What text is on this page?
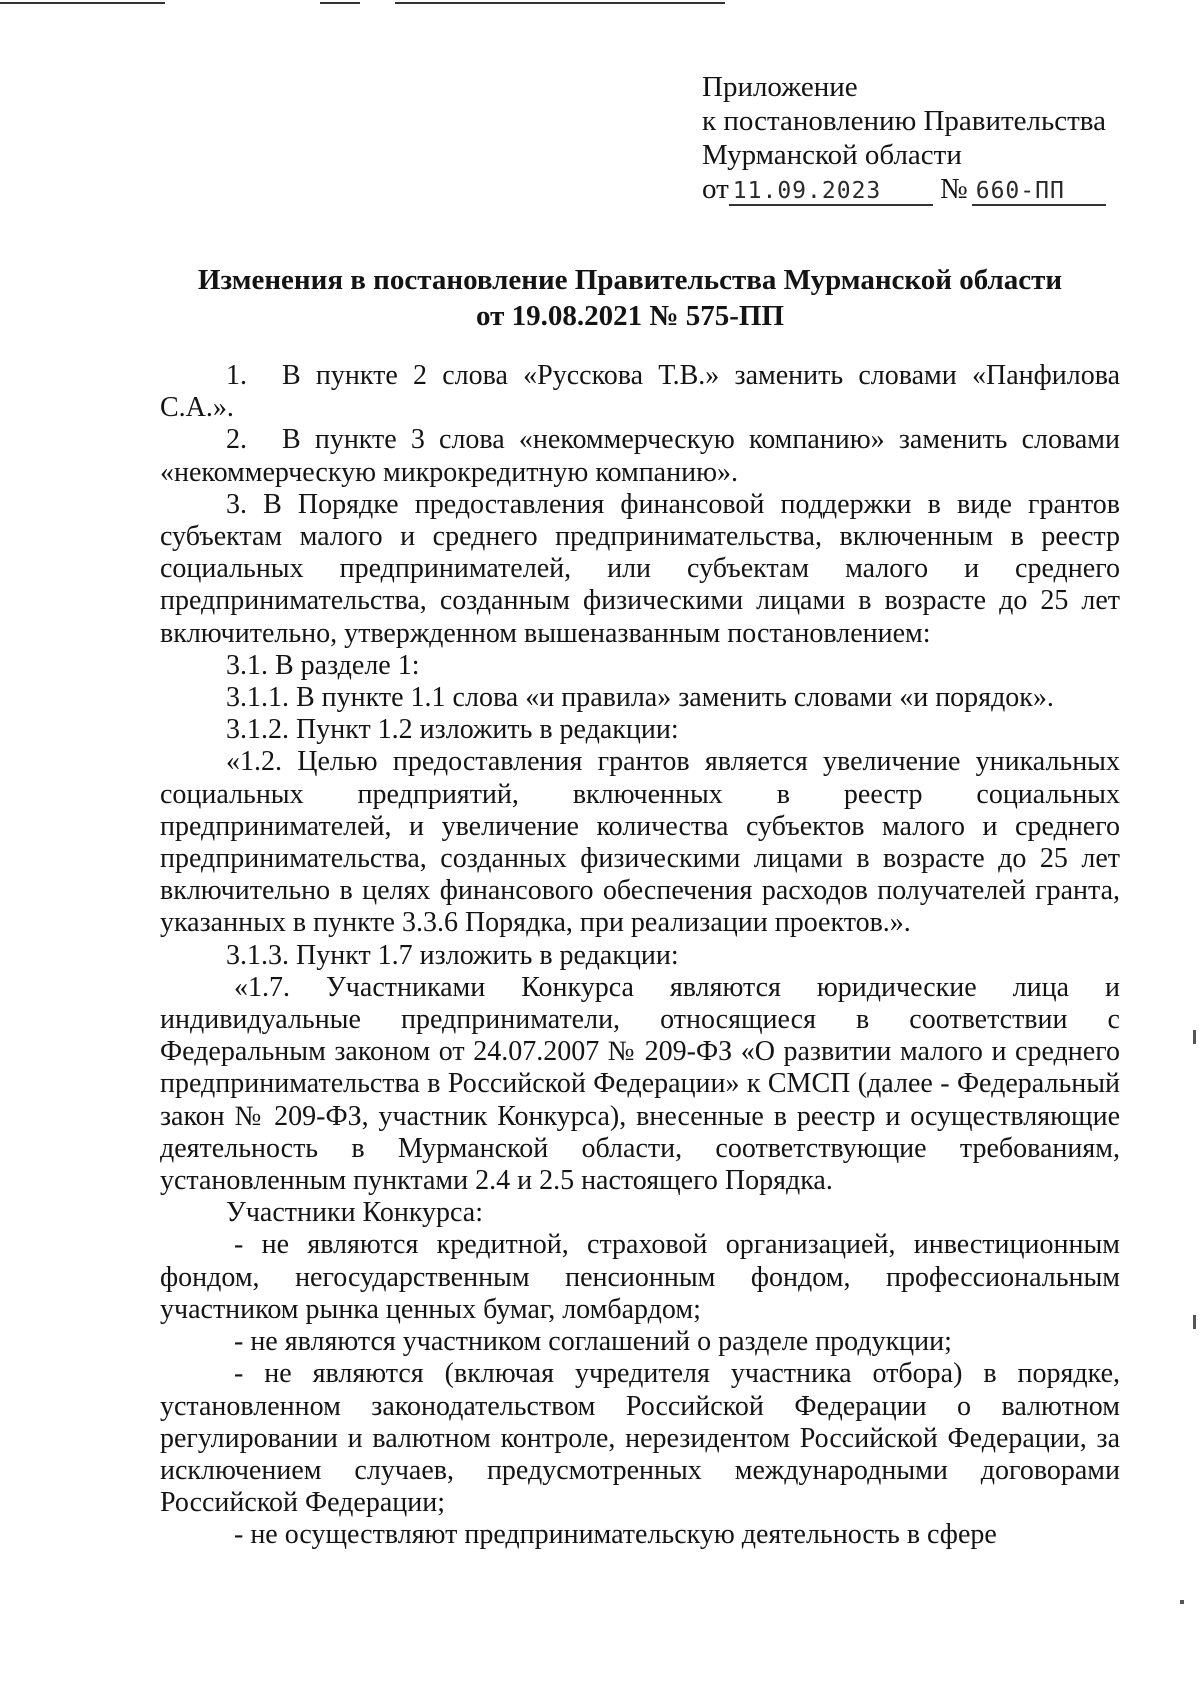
Приложение
к постановлению Правительства
Мурманской области
от 11.09.2023 № 660-ПП
Изменения в постановление Правительства Мурманской области
от 19.08.2021 № 575-ПП

1. В пункте 2 слова «Русскова Т.В.» заменить словами «Панфилова С.А.».

2. В пункте 3 слова «некоммерческую компанию» заменить словами «некоммерческую микрокредитную компанию».

3. В Порядке предоставления финансовой поддержки в виде грантов субъектам малого и среднего предпринимательства, включенным в реестр социальных предпринимателей, или субъектам малого и среднего предпринимательства, созданным физическими лицами в возрасте до 25 лет включительно, утвержденном вышеназванным постановлением:

3.1. В разделе 1:

3.1.1. В пункте 1.1 слова «и правила» заменить словами «и порядок».

3.1.2. Пункт 1.2 изложить в редакции:

«1.2. Целью предоставления грантов является увеличение уникальных социальных предприятий, включенных в реестр социальных предпринимателей, и увеличение количества субъектов малого и среднего предпринимательства, созданных физическими лицами в возрасте до 25 лет включительно в целях финансового обеспечения расходов получателей гранта, указанных в пункте 3.3.6 Порядка, при реализации проектов.».

3.1.3. Пункт 1.7 изложить в редакции:

«1.7. Участниками Конкурса являются юридические лица и индивидуальные предприниматели, относящиеся в соответствии с Федеральным законом от 24.07.2007 № 209-ФЗ «О развитии малого и среднего предпринимательства в Российской Федерации» к СМСП (далее - Федеральный закон № 209-ФЗ, участник Конкурса), внесенные в реестр и осуществляющие деятельность в Мурманской области, соответствующие требованиям, установленным пунктами 2.4 и 2.5 настоящего Порядка.

Участники Конкурса:

- не являются кредитной, страховой организацией, инвестиционным фондом, негосударственным пенсионным фондом, профессиональным участником рынка ценных бумаг, ломбардом;

- не являются участником соглашений о разделе продукции;

- не являются (включая учредителя участника отбора) в порядке, установленном законодательством Российской Федерации о валютном регулировании и валютном контроле, нерезидентом Российской Федерации, за исключением случаев, предусмотренных международными договорами Российской Федерации;

- не осуществляют предпринимательскую деятельность в сфере
